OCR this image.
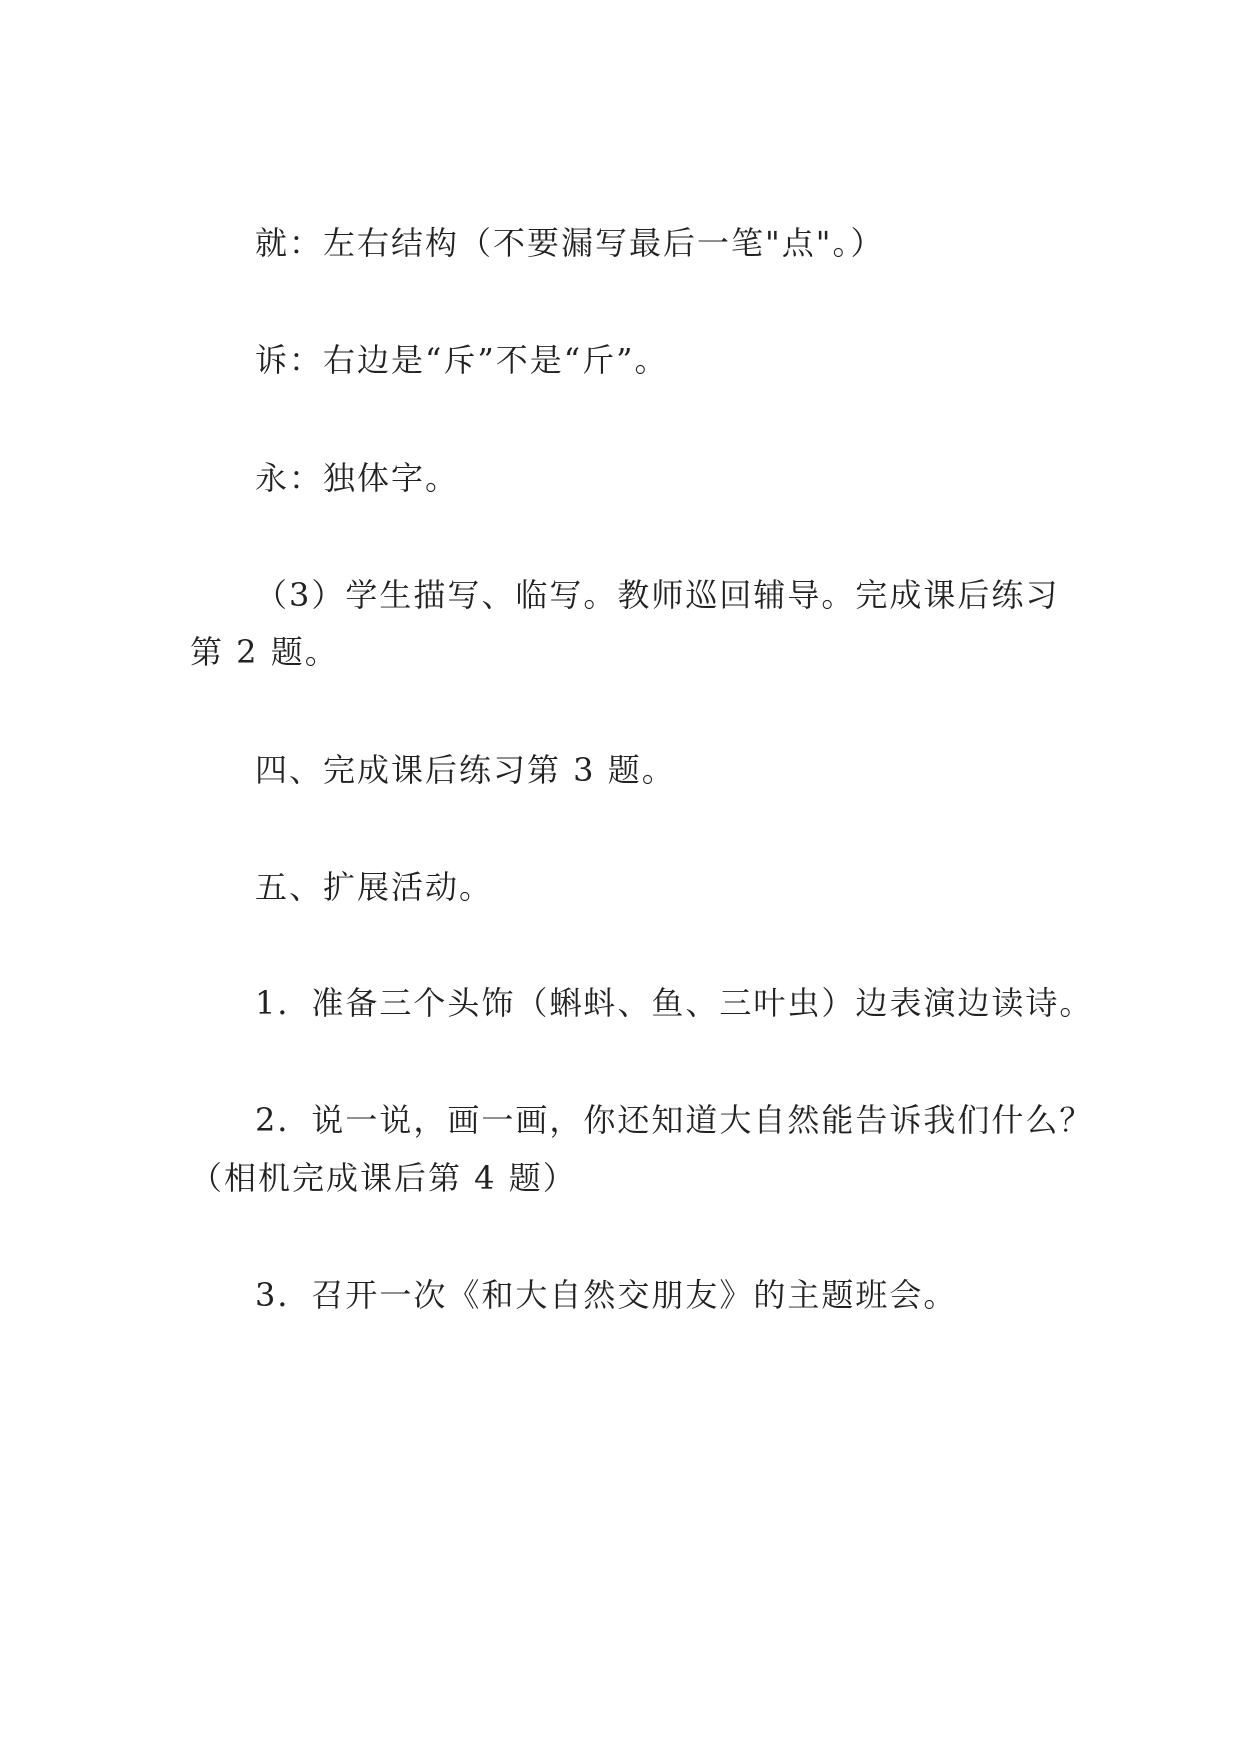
就：左右结构（不要漏写最后一笔"点"。）
诉：右边是“斥”不是“斤”。
永：独体字。
（3）学生描写、临写。教师巡回辅导。完成课后练习
第 2 题。
四、完成课后练习第 3 题。
五、扩展活动。
1．准备三个头饰（蝌蚪、鱼、三叶虫）边表演边读诗。
2．说一说，画一画，你还知道大自然能告诉我们什么？
（相机完成课后第 4 题）
3．召开一次《和大自然交朋友》的主题班会。
